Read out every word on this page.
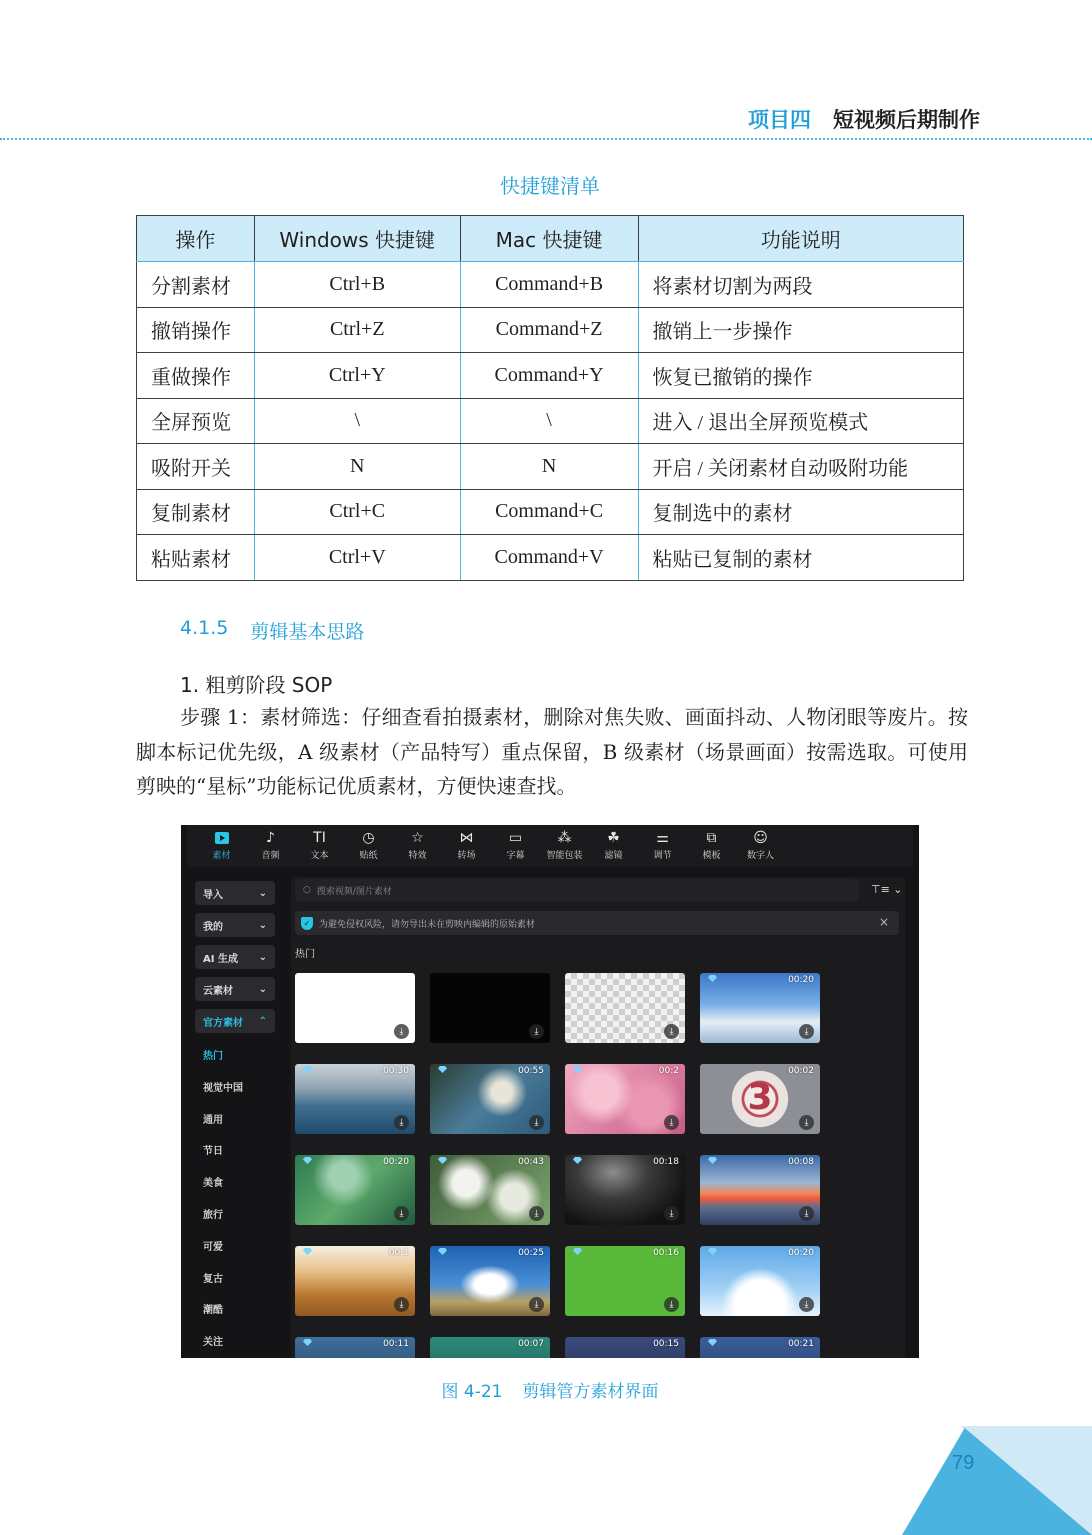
项目四 短视频后期制作
快捷键清单
操作	Windows 快捷键	Mac 快捷键	功能说明
分割素材	Ctrl+B	Command+B	将素材切割为两段
撤销操作	Ctrl+Z	Command+Z	撤销上一步操作
重做操作	Ctrl+Y	Command+Y	恢复已撤销的操作
全屏预览	\	\	进入 / 退出全屏预览模式
吸附开关	N	N	开启 / 关闭素材自动吸附功能
复制素材	Ctrl+C	Command+C	复制选中的素材
粘贴素材	Ctrl+V	Command+V	粘贴已复制的素材
4.1.5 剪辑基本思路
1. 粗剪阶段 SOP

步骤 1：素材筛选：仔细查看拍摄素材，删除对焦失败、画面抖动、人物闭眼等废片。按脚本标记优先级，A 级素材（产品特写）重点保留，B 级素材（场景画面）按需选取。可使用剪映的“星标”功能标记优质素材，方便快速查找。

素材
♪
音频
TI
文本
◷
贴纸
☆
特效
⋈
转场
▭
字幕
⁂
智能包装
☘
滤镜
⚌
调节
⧉
模板
☺
数字人
导入	⌄
我的	⌄
AI 生成 ⌄
云素材	⌄
官方素材 ⌃
热门
视觉中国
通用
节日
美食
旅行
可爱
复古
潮酷
关注
○ 搜索视频/图片素材	⊤≡ ⌄
✓ 为避免侵权风险，请勿导出未在剪映内编辑的原始素材	×
热门
⤓	⤓	⤓
00:20
⤓
00:30
⤓
00:55
⤓
00:2
⤓
3
00:02
⤓
00:20
⤓
00:43
⤓
00:18
⤓
00:08
⤓
00:1
⤓
00:25
⤓
00:16
⤓
00:20
⤓
00:11	00:07	00:15	00:21
图 4-21 剪辑管方素材界面
79
